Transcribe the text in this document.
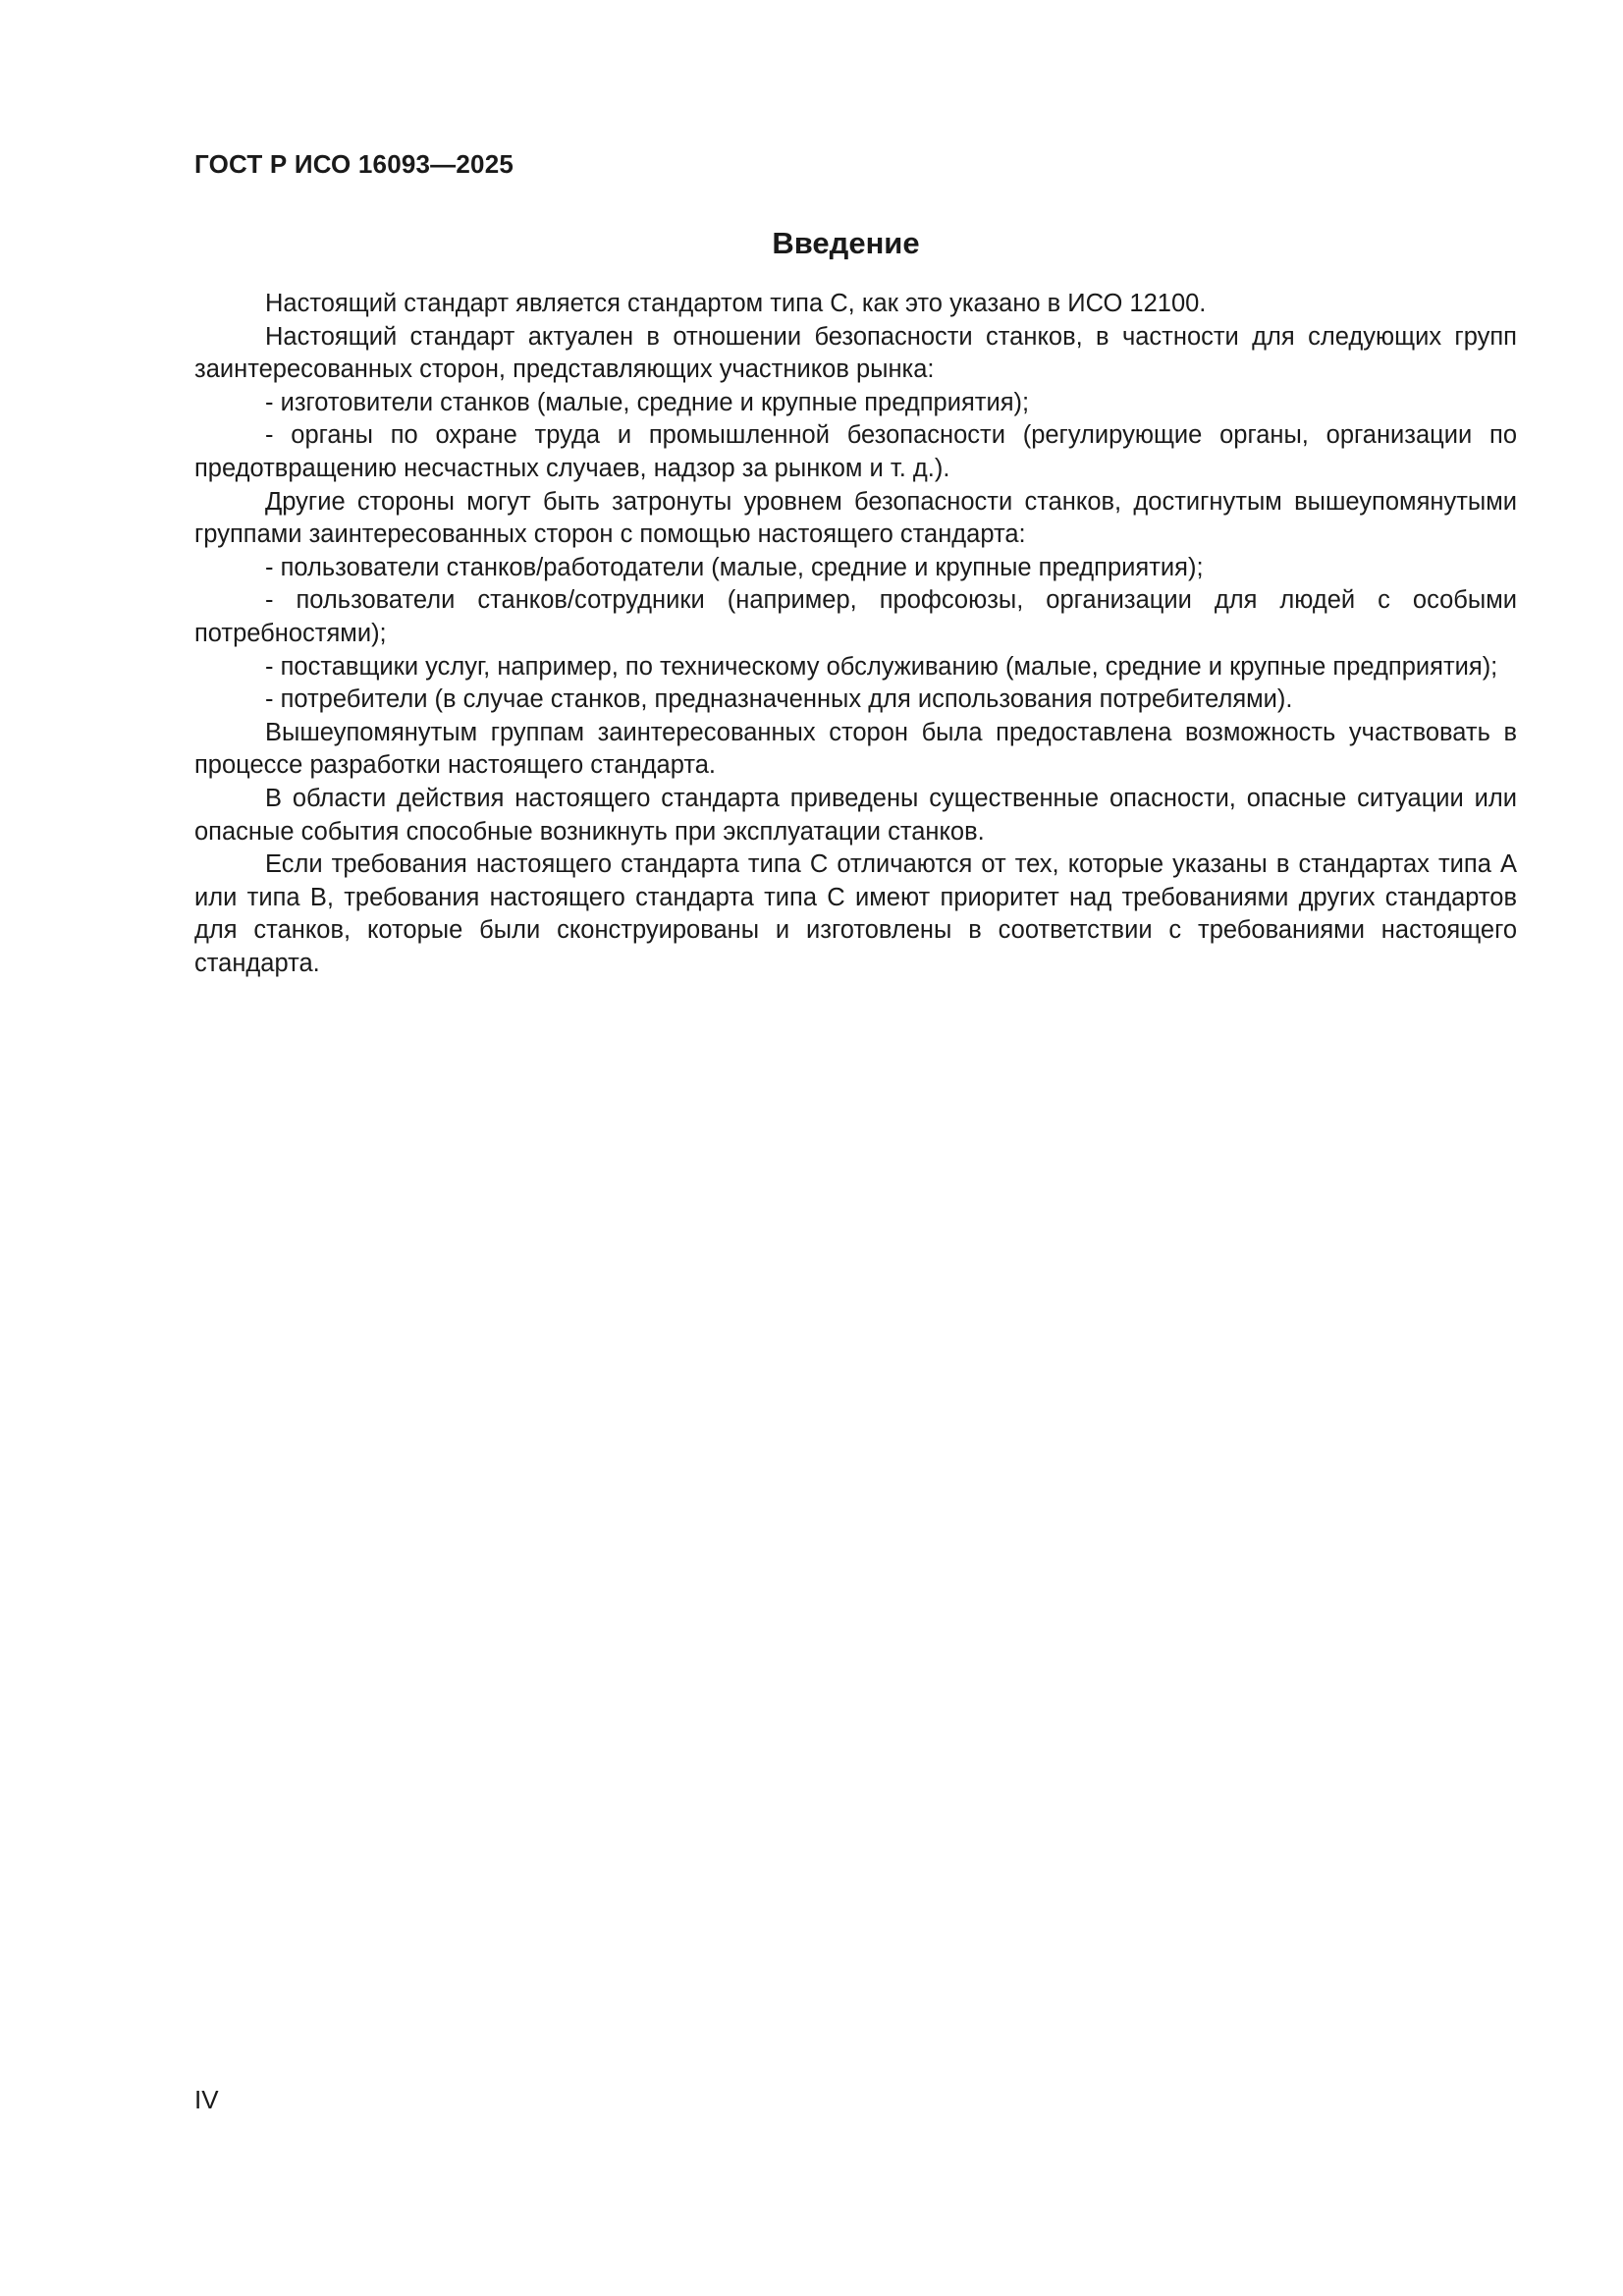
ГОСТ Р ИСО 16093—2025
Введение

Настоящий стандарт является стандартом типа С, как это указано в ИСО 12100.

Настоящий стандарт актуален в отношении безопасности станков, в частности для следующих групп заинтересованных сторон, представляющих участников рынка:

- изготовители станков (малые, средние и крупные предприятия);

- органы по охране труда и промышленной безопасности (регулирующие органы, организации по предотвращению несчастных случаев, надзор за рынком и т. д.).

Другие стороны могут быть затронуты уровнем безопасности станков, достигнутым вышеупомянутыми группами заинтересованных сторон с помощью настоящего стандарта:

- пользователи станков/работодатели (малые, средние и крупные предприятия);

- пользователи станков/сотрудники (например, профсоюзы, организации для людей с особыми потребностями);

- поставщики услуг, например, по техническому обслуживанию (малые, средние и крупные предприятия);

- потребители (в случае станков, предназначенных для использования потребителями).

Вышеупомянутым группам заинтересованных сторон была предоставлена возможность участвовать в процессе разработки настоящего стандарта.

В области действия настоящего стандарта приведены существенные опасности, опасные ситуации или опасные события способные возникнуть при эксплуатации станков.

Если требования настоящего стандарта типа С отличаются от тех, которые указаны в стандартах типа А или типа В, требования настоящего стандарта типа С имеют приоритет над требованиями других стандартов для станков, которые были сконструированы и изготовлены в соответствии с требованиями настоящего стандарта.

IV
